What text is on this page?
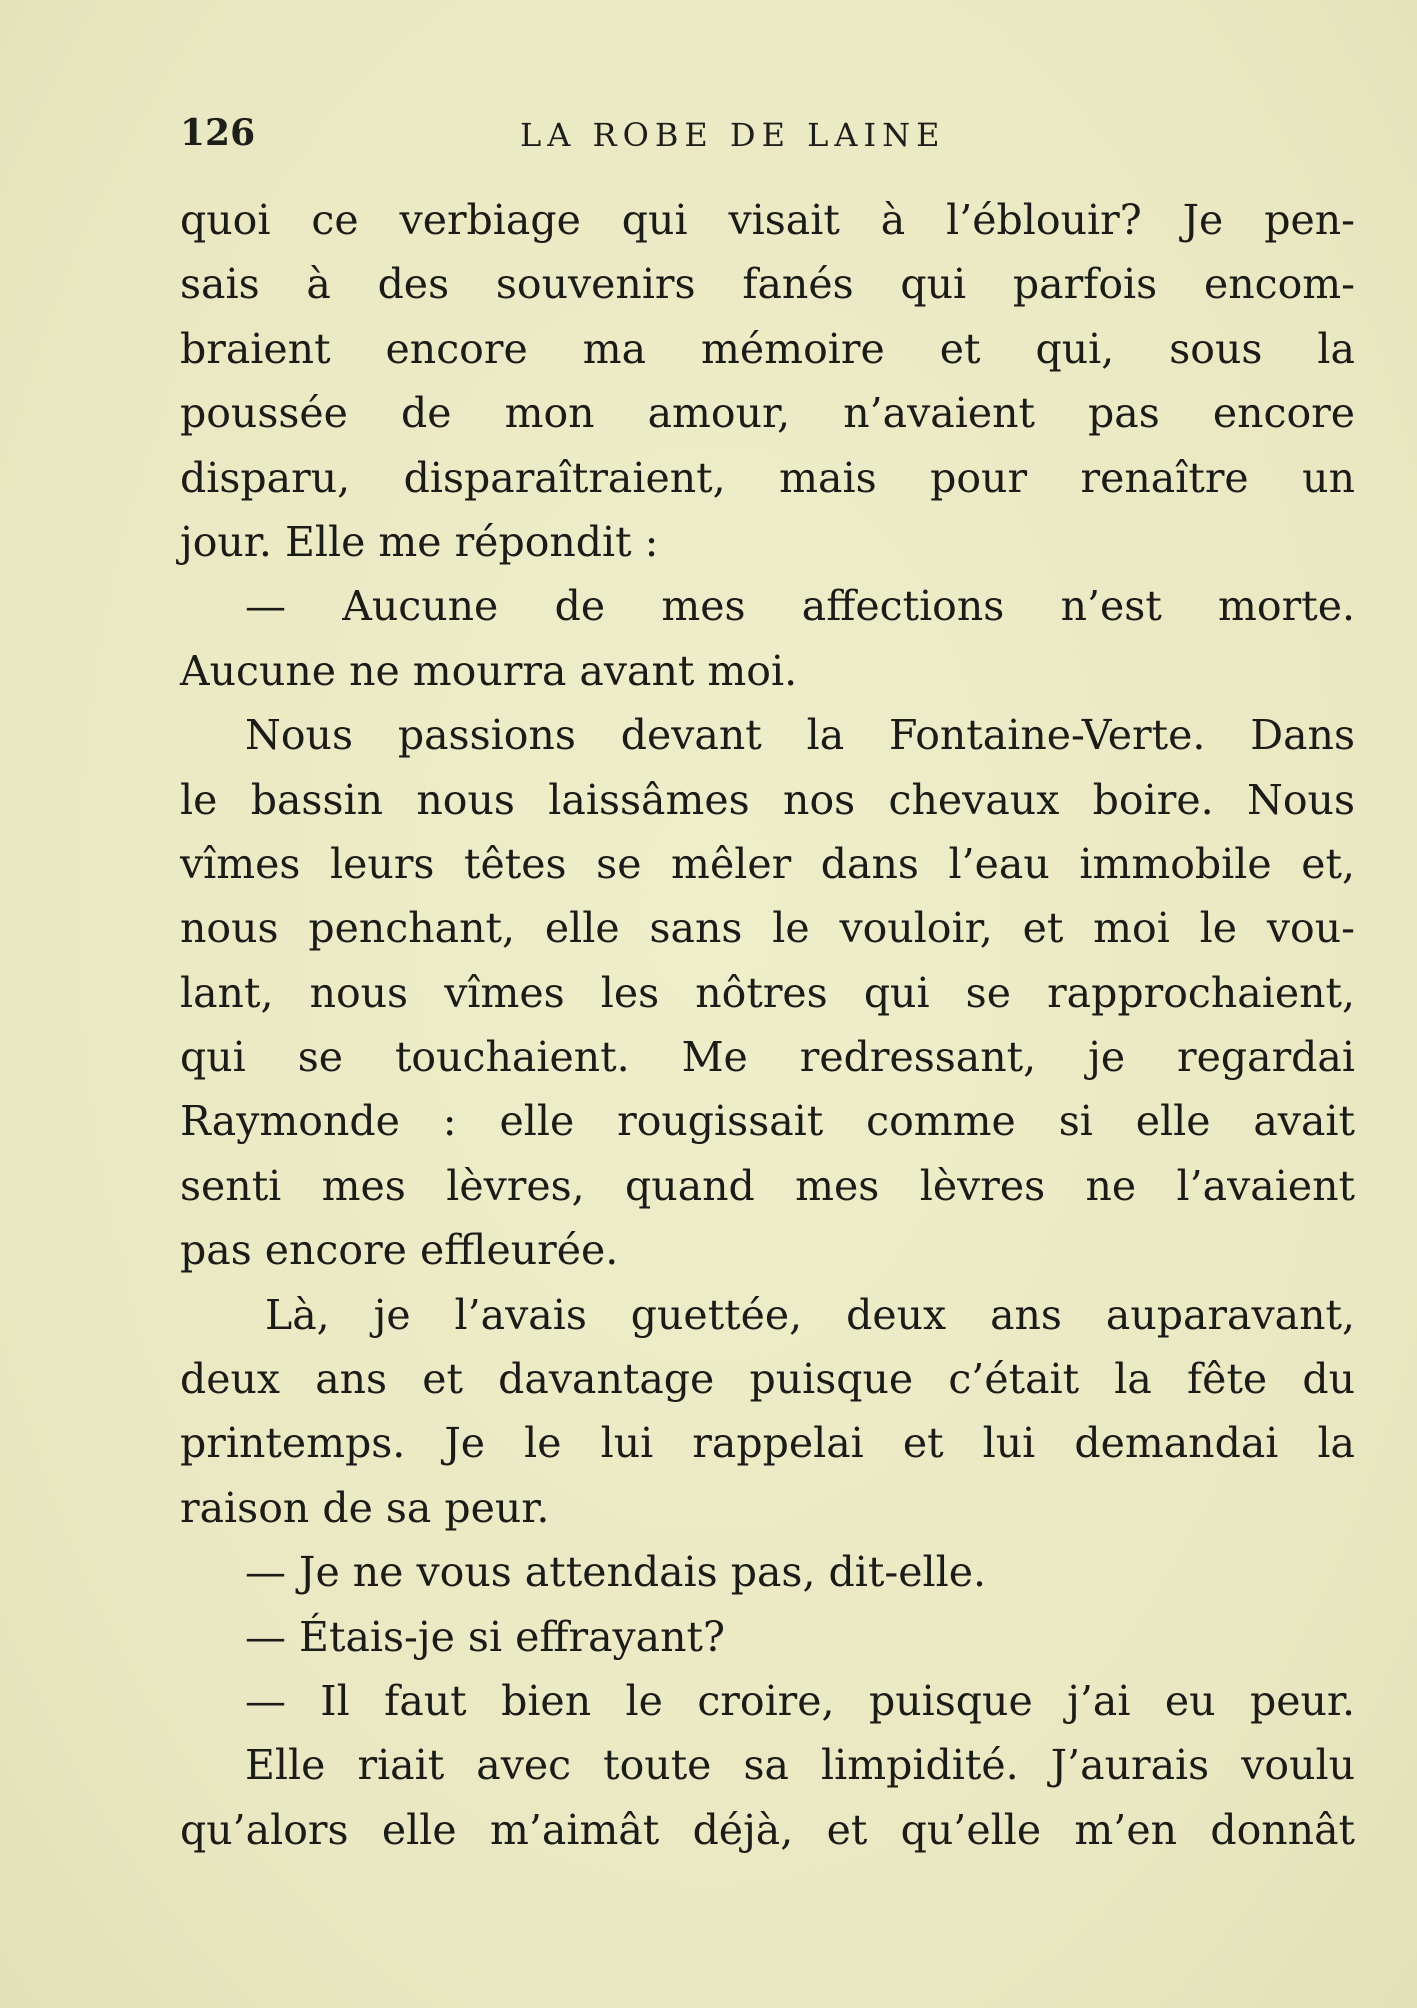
126	LA ROBE DE LAINE
quoi ce verbiage qui visait à l’éblouir? Je pen-
sais à des souvenirs fanés qui parfois encom-
braient encore ma mémoire et qui, sous la
poussée de mon amour, n’avaient pas encore
disparu, disparaîtraient, mais pour renaître un
jour. Elle me répondit :
— Aucune de mes affections n’est morte.
Aucune ne mourra avant moi.
Nous passions devant la Fontaine-Verte. Dans
le bassin nous laissâmes nos chevaux boire. Nous
vîmes leurs têtes se mêler dans l’eau immobile et,
nous penchant, elle sans le vouloir, et moi le vou-
lant, nous vîmes les nôtres qui se rapprochaient,
qui se touchaient. Me redressant, je regardai
Raymonde : elle rougissait comme si elle avait
senti mes lèvres, quand mes lèvres ne l’avaient
pas encore effleurée.
Là, je l’avais guettée, deux ans auparavant,
deux ans et davantage puisque c’était la fête du
printemps. Je le lui rappelai et lui demandai la
raison de sa peur.
— Je ne vous attendais pas, dit-elle.
— Étais-je si effrayant?
— Il faut bien le croire, puisque j’ai eu peur.
Elle riait avec toute sa limpidité. J’aurais voulu
qu’alors elle m’aimât déjà, et qu’elle m’en donnât
